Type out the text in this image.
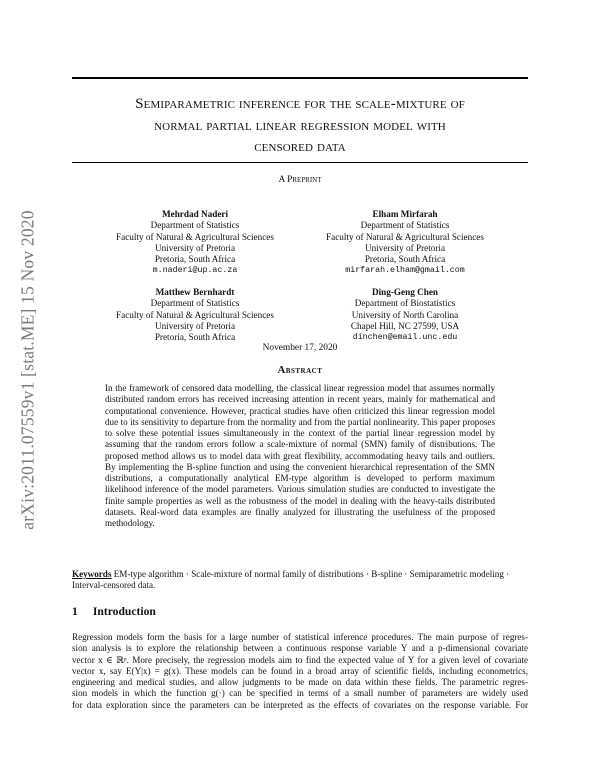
arXiv:2011.07559v1 [stat.ME] 15 Nov 2020
Semiparametric inference for the scale-mixture of
normal partial linear regression model with
censored data
A Preprint
Mehrdad Naderi
Department of Statistics
Faculty of Natural & Agricultural Sciences
University of Pretoria
Pretoria, South Africa
m.naderi@up.ac.za
Elham Mirfarah
Department of Statistics
Faculty of Natural & Agricultural Sciences
University of Pretoria
Pretoria, South Africa
mirfarah.elham@gmail.com
Matthew Bernhardt
Department of Statistics
Faculty of Natural & Agricultural Sciences
University of Pretoria
Pretoria, South Africa
Ding-Geng Chen
Department of Biostatistics
University of North Carolina
Chapel Hill, NC 27599, USA
dinchen@email.unc.edu
November 17, 2020
Abstract
In the framework of censored data modelling, the classical linear regression model that assumes normally distributed random errors has received increasing attention in recent years, mainly for mathematical and computational convenience. However, practical studies have often criticized this linear regression model due to its sensitivity to departure from the normality and from the partial nonlinearity. This paper proposes to solve these potential issues simultaneously in the context of the partial linear regression model by assuming that the random errors follow a scale-mixture of normal (SMN) family of distributions. The proposed method allows us to model data with great flexibility, accommodating heavy tails and outliers. By implementing the B-spline function and using the convenient hierarchical representation of the SMN distributions, a computationally analytical EM-type algorithm is developed to perform maximum likelihood inference of the model parameters. Various simulation studies are conducted to investigate the finite sample properties as well as the robustness of the model in dealing with the heavy-tails distributed datasets. Real-word data examples are finally analyzed for illustrating the usefulness of the proposed methodology.
Keywords EM-type algorithm · Scale-mixture of normal family of distributions · B-spline · Semiparametric modeling · Interval-censored data.
1 Introduction
Regression models form the basis for a large number of statistical inference procedures. The main purpose of regres-
sion analysis is to explore the relationship between a continuous response variable Y and a p-dimensional covariate
vector x ∈ ℝᵖ. More precisely, the regression models aim to find the expected value of Y for a given level of covariate
vector x, say E(Y|x) = g(x). These models can be found in a broad array of scientific fields, including econometrics,
engineering and medical studies, and allow judgments to be made on data within these fields. The parametric regres-
sion models in which the function g(·) can be specified in terms of a small number of parameters are widely used
for data exploration since the parameters can be interpreted as the effects of covariates on the response variable. For
